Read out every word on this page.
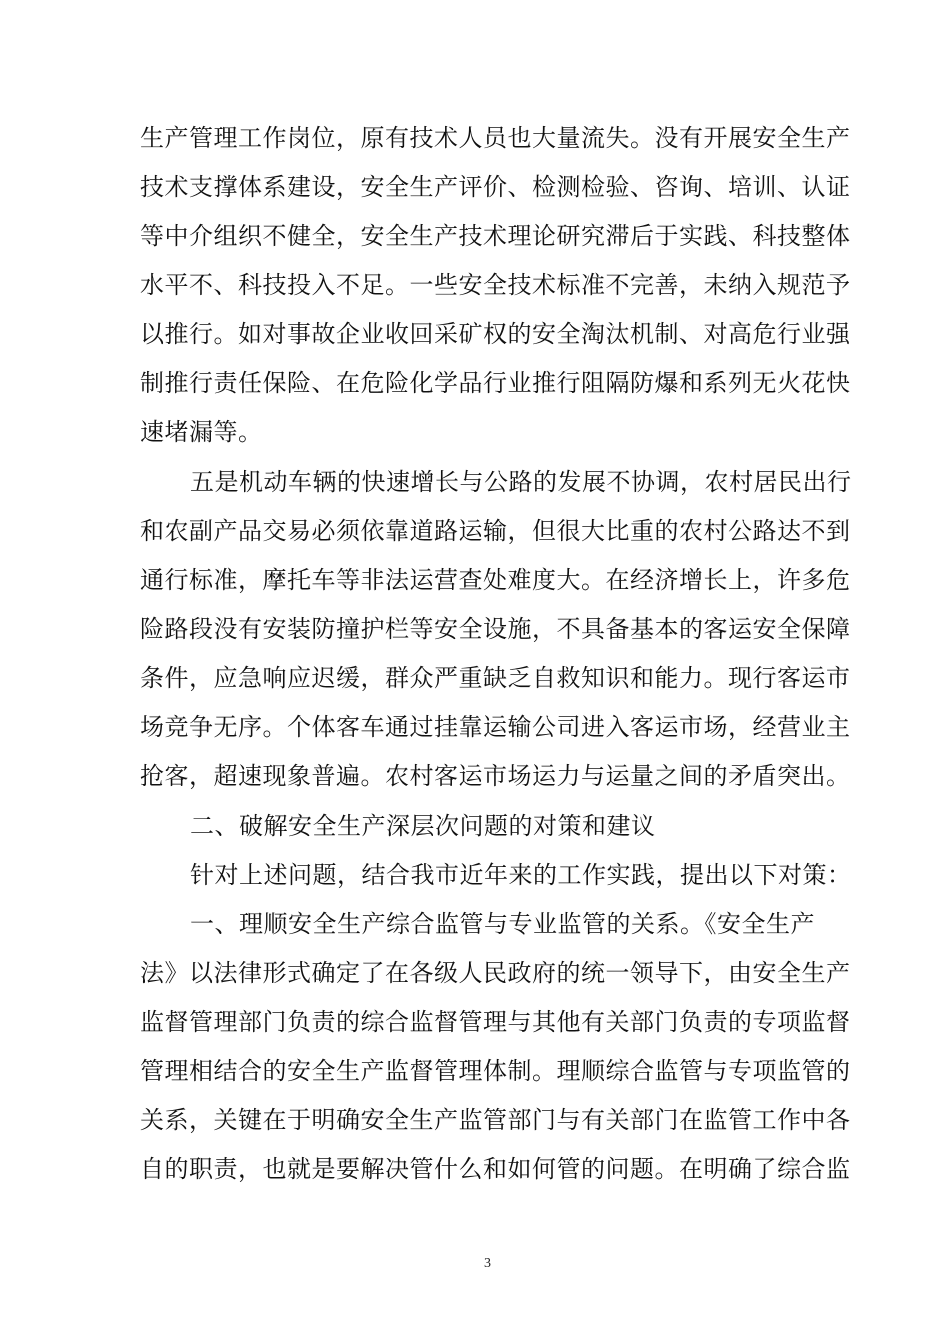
生产管理工作岗位，原有技术人员也大量流失。没有开展安全生产
技术支撑体系建设，安全生产评价、检测检验、咨询、培训、认证
等中介组织不健全，安全生产技术理论研究滞后于实践、科技整体
水平不、科技投入不足。一些安全技术标准不完善，未纳入规范予
以推行。如对事故企业收回采矿权的安全淘汰机制、对高危行业强
制推行责任保险、在危险化学品行业推行阻隔防爆和系列无火花快
速堵漏等。
五是机动车辆的快速增长与公路的发展不协调，农村居民出行
和农副产品交易必须依靠道路运输，但很大比重的农村公路达不到
通行标准，摩托车等非法运营查处难度大。在经济增长上，许多危
险路段没有安装防撞护栏等安全设施，不具备基本的客运安全保障
条件，应急响应迟缓，群众严重缺乏自救知识和能力。现行客运市
场竞争无序。个体客车通过挂靠运输公司进入客运市场，经营业主
抢客，超速现象普遍。农村客运市场运力与运量之间的矛盾突出。
二、破解安全生产深层次问题的对策和建议
针对上述问题，结合我市近年来的工作实践，提出以下对策：
一、理顺安全生产综合监管与专业监管的关系。《安全生产
法》以法律形式确定了在各级人民政府的统一领导下，由安全生产
监督管理部门负责的综合监督管理与其他有关部门负责的专项监督
管理相结合的安全生产监督管理体制。理顺综合监管与专项监管的
关系，关键在于明确安全生产监管部门与有关部门在监管工作中各
自的职责，也就是要解决管什么和如何管的问题。在明确了综合监
3
